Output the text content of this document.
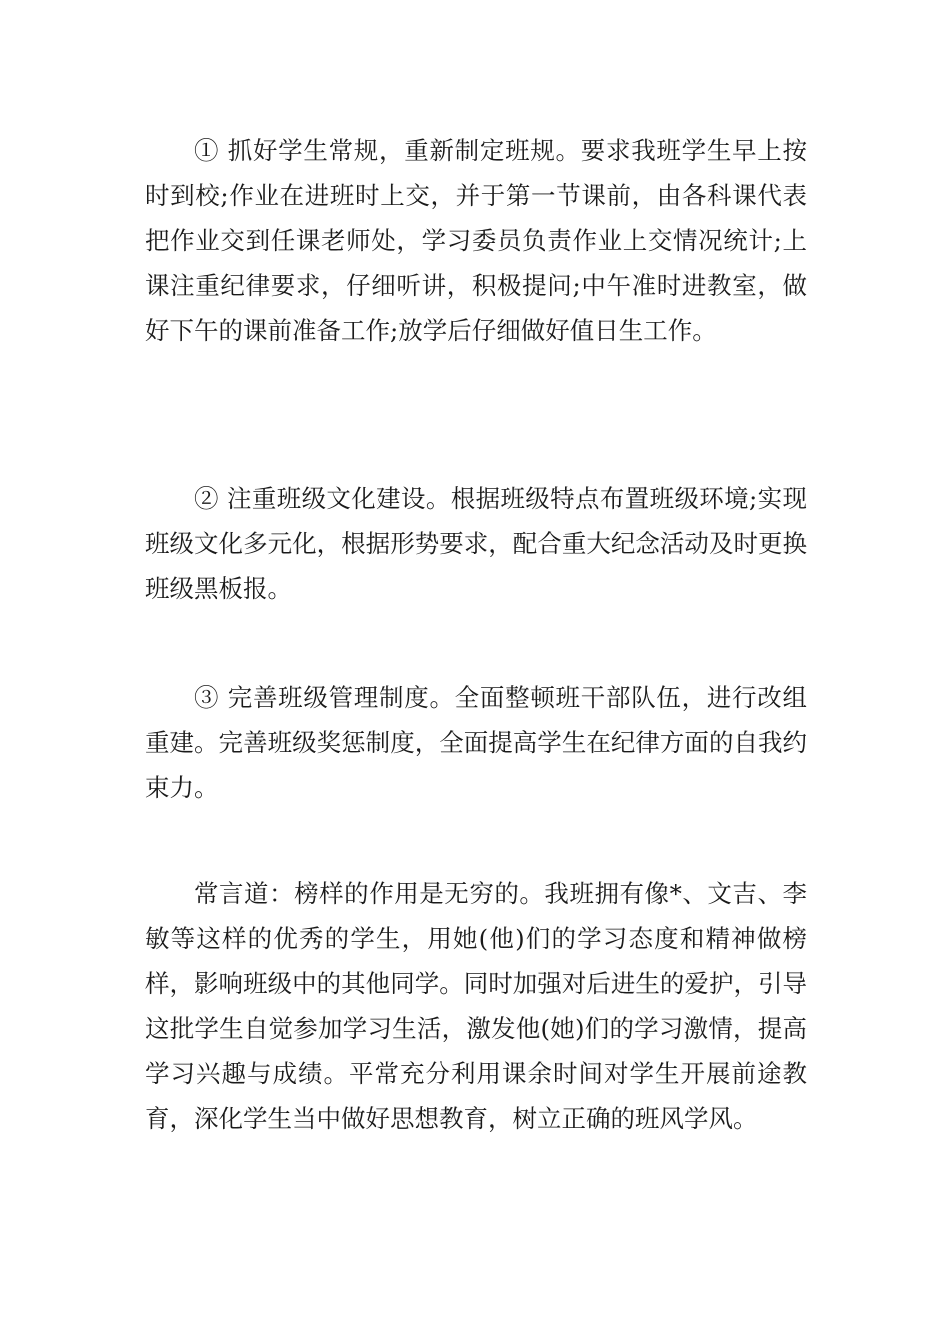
① 抓好学生常规，重新制定班规。要求我班学生早上按时到校;作业在进班时上交，并于第一节课前，由各科课代表把作业交到任课老师处，学习委员负责作业上交情况统计;上课注重纪律要求，仔细听讲，积极提问;中午准时进教室，做好下午的课前准备工作;放学后仔细做好值日生工作。

② 注重班级文化建设。根据班级特点布置班级环境;实现班级文化多元化，根据形势要求，配合重大纪念活动及时更换班级黑板报。

③ 完善班级管理制度。全面整顿班干部队伍，进行改组重建。完善班级奖惩制度，全面提高学生在纪律方面的自我约束力。

常言道：榜样的作用是无穷的。我班拥有像*、文吉、李敏等这样的优秀的学生，用她(他)们的学习态度和精神做榜样，影响班级中的其他同学。同时加强对后进生的爱护，引导这批学生自觉参加学习生活，激发他(她)们的学习激情，提高学习兴趣与成绩。平常充分利用课余时间对学生开展前途教育，深化学生当中做好思想教育，树立正确的班风学风。
